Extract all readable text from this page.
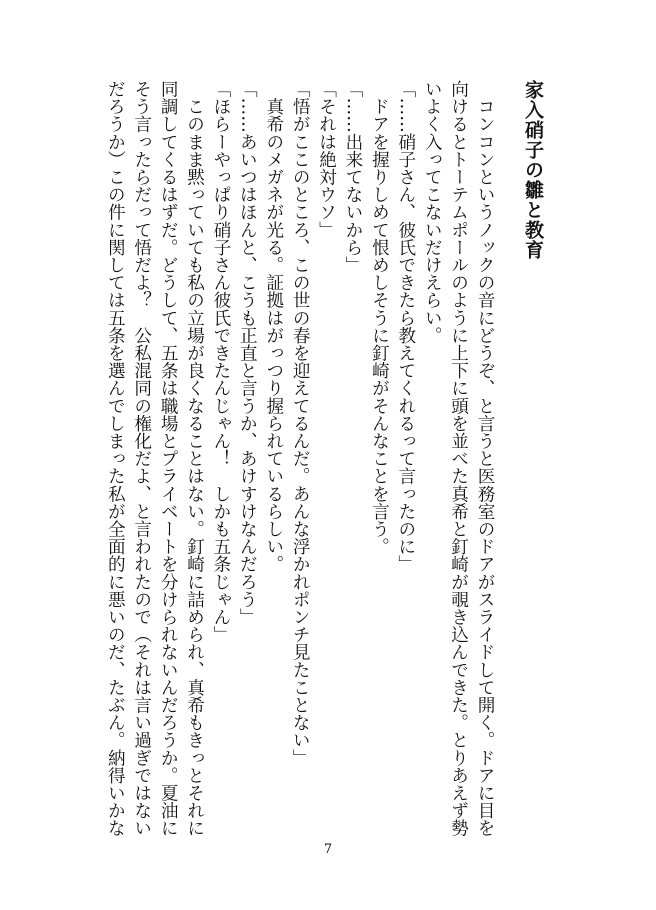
家入硝子の雛と教育
　コンコンというノックの音にどうぞ、と言うと医務室のドアがスライドして開く。ドアに目を
向けるとトーテムポールのように上下に頭を並べた真希と釘崎が覗き込んできた。とりあえず勢
いよく入ってこないだけえらい。
「……硝子さん、彼氏できたら教えてくれるって言ったのに」
　ドアを握りしめて恨めしそうに釘崎がそんなことを言う。
「……出来てないから」
「それは絶対ウソ」
「悟がここのところ、この世の春を迎えてるんだ。あんな浮かれポンチ見たことない」
　真希のメガネが光る。証拠はがっつり握られているらしい。
「……あいつはほんと、こうも正直と言うか、あけすけなんだろう」
「ほらーやっぱり硝子さん彼氏できたんじゃん！　しかも五条じゃん」
　このまま黙っていても私の立場が良くなることはない。釘崎に詰められ、真希もきっとそれに
同調してくるはずだ。どうして、五条は職場とプライベートを分けられないんだろうか。夏油に
そう言ったらだって悟だよ？　公私混同の権化だよ、と言われたので（それは言い過ぎではない
だろうか）この件に関しては五条を選んでしまった私が全面的に悪いのだ、たぶん。納得いかな
7
